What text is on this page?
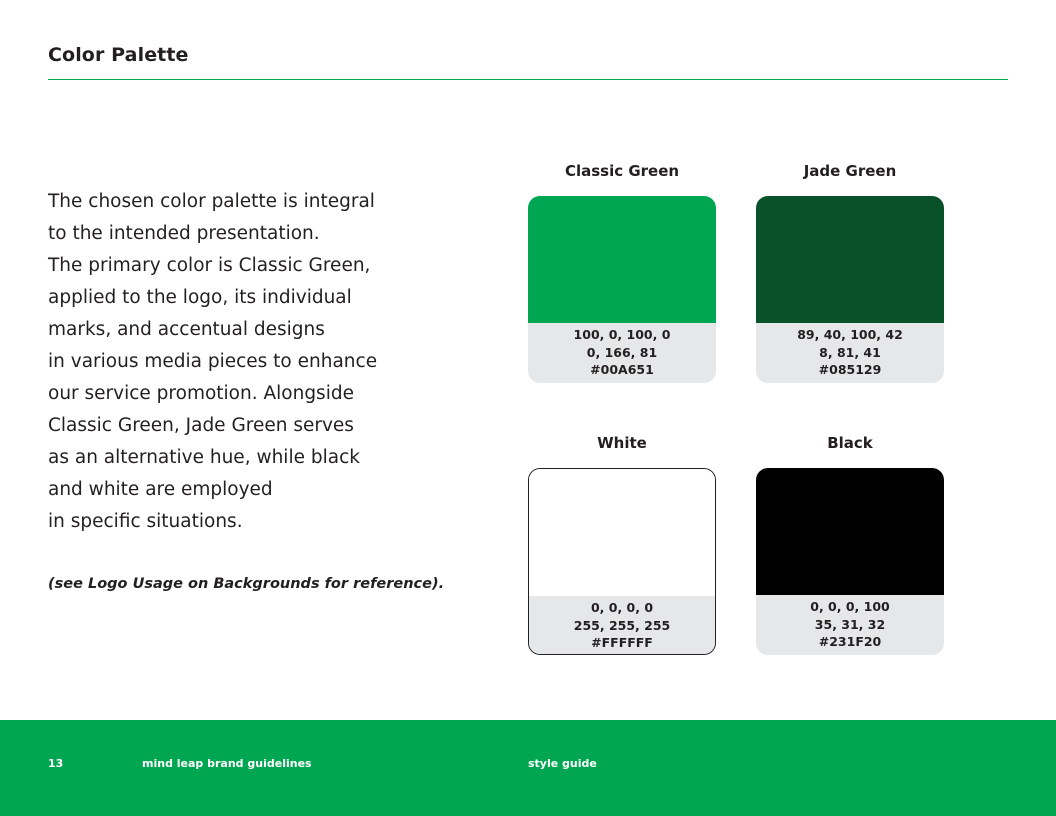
Color Palette
The chosen color palette is integral
to the intended presentation.
The primary color is Classic Green,
applied to the logo, its individual
marks, and accentual designs
in various media pieces to enhance
our service promotion. Alongside
Classic Green, Jade Green serves
as an alternative hue, while black
and white are employed
in specific situations.

(see Logo Usage on Backgrounds for reference).

Classic Green
100, 0, 100, 0
0, 166, 81
#00A651
Jade Green
89, 40, 100, 42
8, 81, 41
#085129
White
0, 0, 0, 0
255, 255, 255
#FFFFFF
Black
0, 0, 0, 100
35, 31, 32
#231F20
13	mind leap brand guidelines	style guide
